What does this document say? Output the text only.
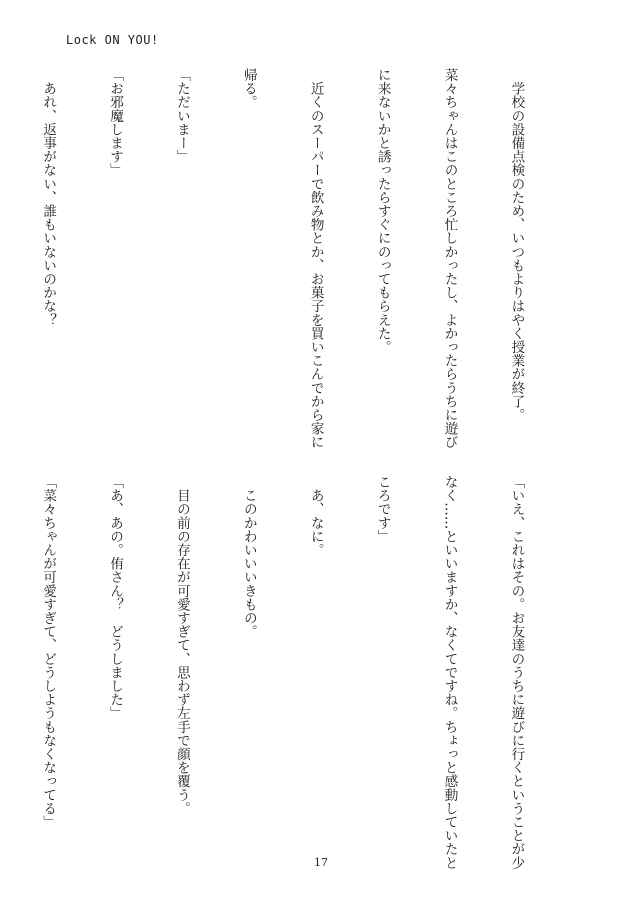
Lock ON YOU!

　学校の設備点検のため、いつもよりはやく授業が終了。

菜々ちゃんはこのところ忙しかったし、よかったらうちに遊び

に来ないかと誘ったらすぐにのってもらえた。

　近くのスーパーで飲み物とか、お菓子を買いこんでから家に

帰る。

「ただいまー」

「お邪魔します」

　あれ、返事がない、誰もいないのかな？

「いえ、これはその。お友達のうちに遊びに行くということが少

なく……といいますか、なくてですね。ちょっと感動していたと

ころです」

　あ、なに。

　このかわいいいきもの。

　目の前の存在が可愛すぎて、思わず左手で顔を覆う。

「あ、あの。侑さん？　どうしました」

「菜々ちゃんが可愛すぎて、どうしようもなくなってる」

17
